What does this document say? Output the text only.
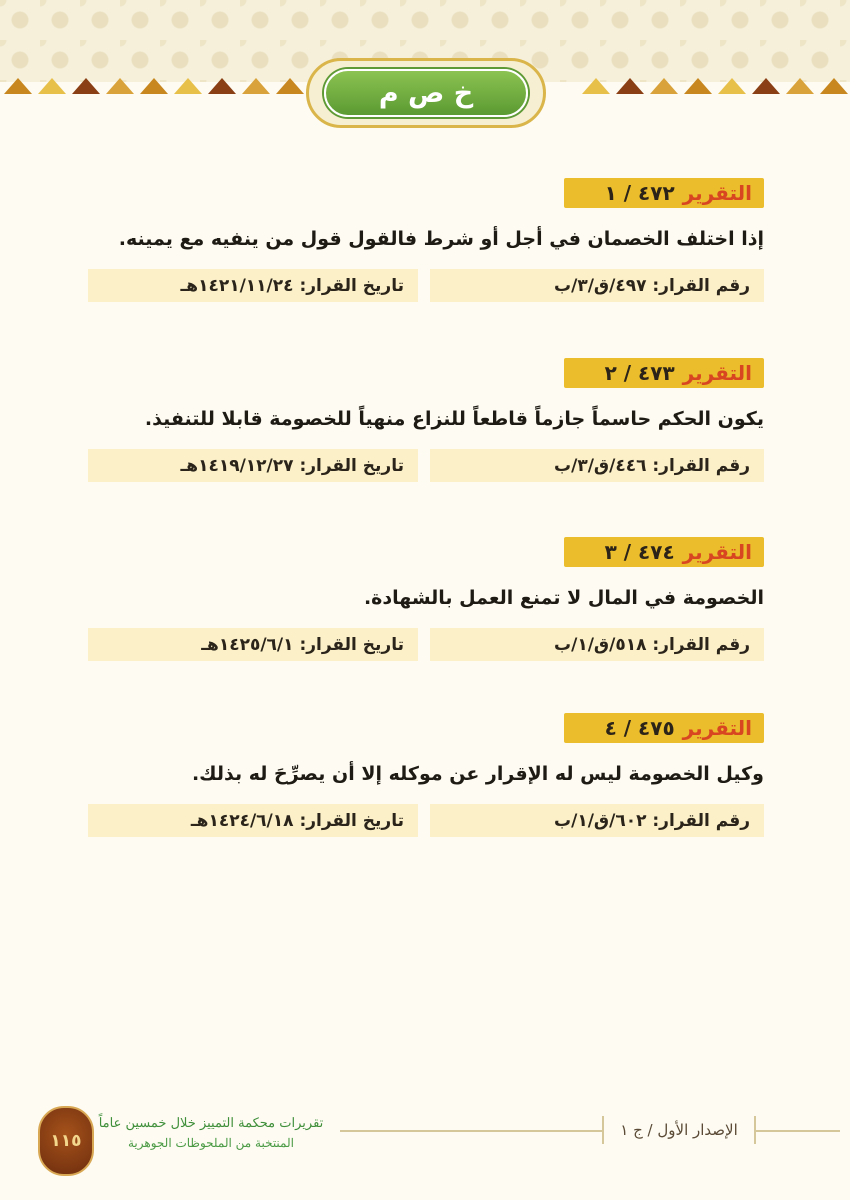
خ ص م
التقرير
٤٧٢ / ١
إذا اختلف الخصمان في أجل أو شرط فالقول قول من ينفيه مع يمينه.
رقم القرار: ٤٩٧/ق/٣/ب
تاريخ القرار: ١٤٢١/١١/٢٤هـ
التقرير
٤٧٣ / ٢
يكون الحكم حاسماً جازماً قاطعاً للنزاع منهياً للخصومة قابلا للتنفيذ.
رقم القرار: ٤٤٦/ق/٣/ب
تاريخ القرار: ١٤١٩/١٢/٢٧هـ
التقرير
٤٧٤ / ٣
الخصومة في المال لا تمنع العمل بالشهادة.
رقم القرار: ٥١٨/ق/١/ب
تاريخ القرار: ١٤٢٥/٦/١هـ
التقرير
٤٧٥ / ٤
وكيل الخصومة ليس له الإقرار عن موكله إلا أن يصرِّحَ له بذلك.
رقم القرار: ٦٠٢/ق/١/ب
تاريخ القرار: ١٤٢٤/٦/١٨هـ
الإصدار الأول / ج ١
١١٥
تقريرات محكمة التمييز خلال خمسين عاماً
المنتخبة من الملحوظات الجوهرية
